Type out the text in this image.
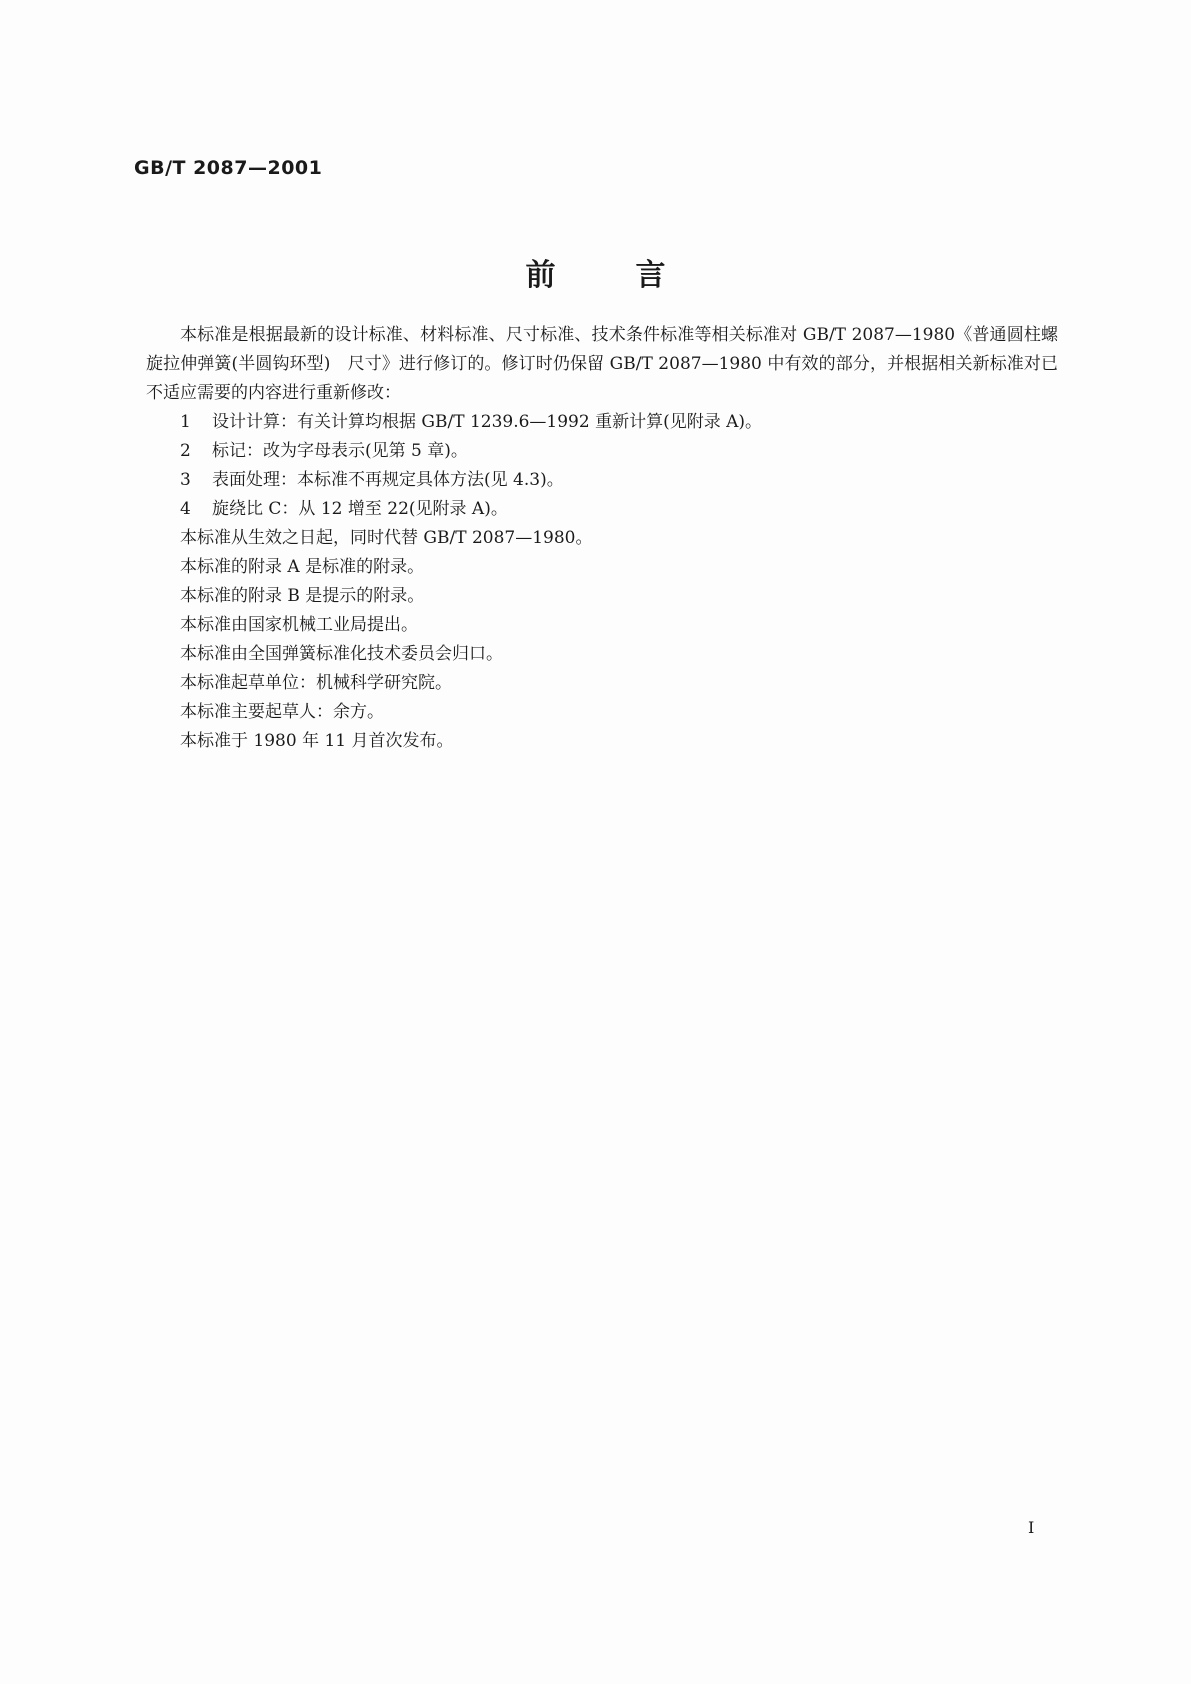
GB/T 2087—2001
前言

本标准是根据最新的设计标准、材料标准、尺寸标准、技术条件标准等相关标准对 GB/T 2087—1980《普通圆柱螺旋拉伸弹簧(半圆钩环型)　尺寸》进行修订的。修订时仍保留 GB/T 2087—1980 中有效的部分，并根据相关新标准对已不适应需要的内容进行重新修改：

1 设计计算：有关计算均根据 GB/T 1239.6—1992 重新计算(见附录 A)。

2 标记：改为字母表示(见第 5 章)。

3 表面处理：本标准不再规定具体方法(见 4.3)。

4 旋绕比 C：从 12 增至 22(见附录 A)。

本标准从生效之日起，同时代替 GB/T 2087—1980。

本标准的附录 A 是标准的附录。

本标准的附录 B 是提示的附录。

本标准由国家机械工业局提出。

本标准由全国弹簧标准化技术委员会归口。

本标准起草单位：机械科学研究院。

本标准主要起草人：余方。

本标准于 1980 年 11 月首次发布。

I
